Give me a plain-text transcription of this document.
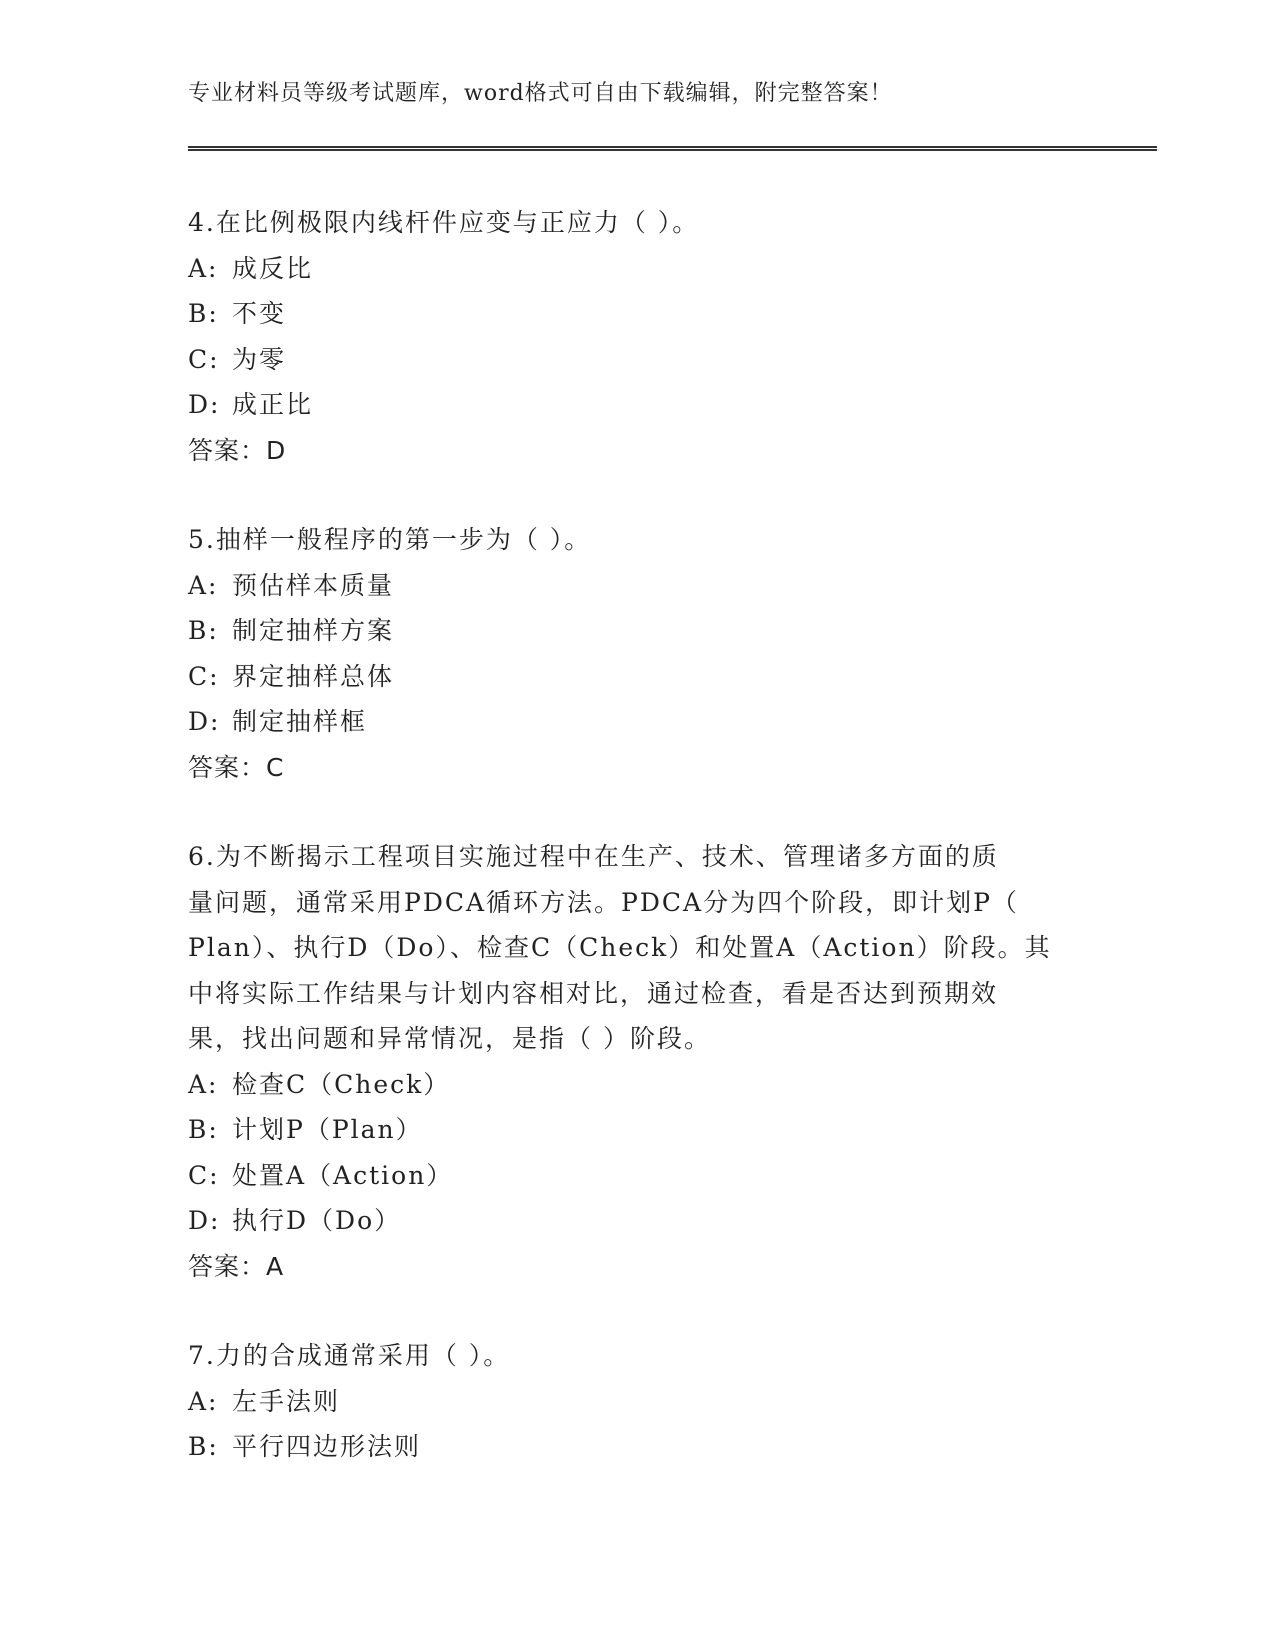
专业材料员等级考试题库，word格式可自由下载编辑，附完整答案！
4.在比例极限内线杆件应变与正应力（ ）。
A: 成反比
B: 不变
C: 为零
D: 成正比
答案：D
5.抽样一般程序的第一步为（ ）。
A: 预估样本质量
B: 制定抽样方案
C: 界定抽样总体
D: 制定抽样框
答案：C
6.为不断揭示工程项目实施过程中在生产、技术、管理诸多方面的质
量问题，通常采用PDCA循环方法。PDCA分为四个阶段，即计划P（
Plan）、执行D（Do）、检查C（Check）和处置A（Action）阶段。其
中将实际工作结果与计划内容相对比，通过检查，看是否达到预期效
果，找出问题和异常情况，是指（ ）阶段。
A: 检查C（Check）
B: 计划P（Plan）
C: 处置A（Action）
D: 执行D（Do）
答案：A
7.力的合成通常采用（ ）。
A: 左手法则
B: 平行四边形法则
